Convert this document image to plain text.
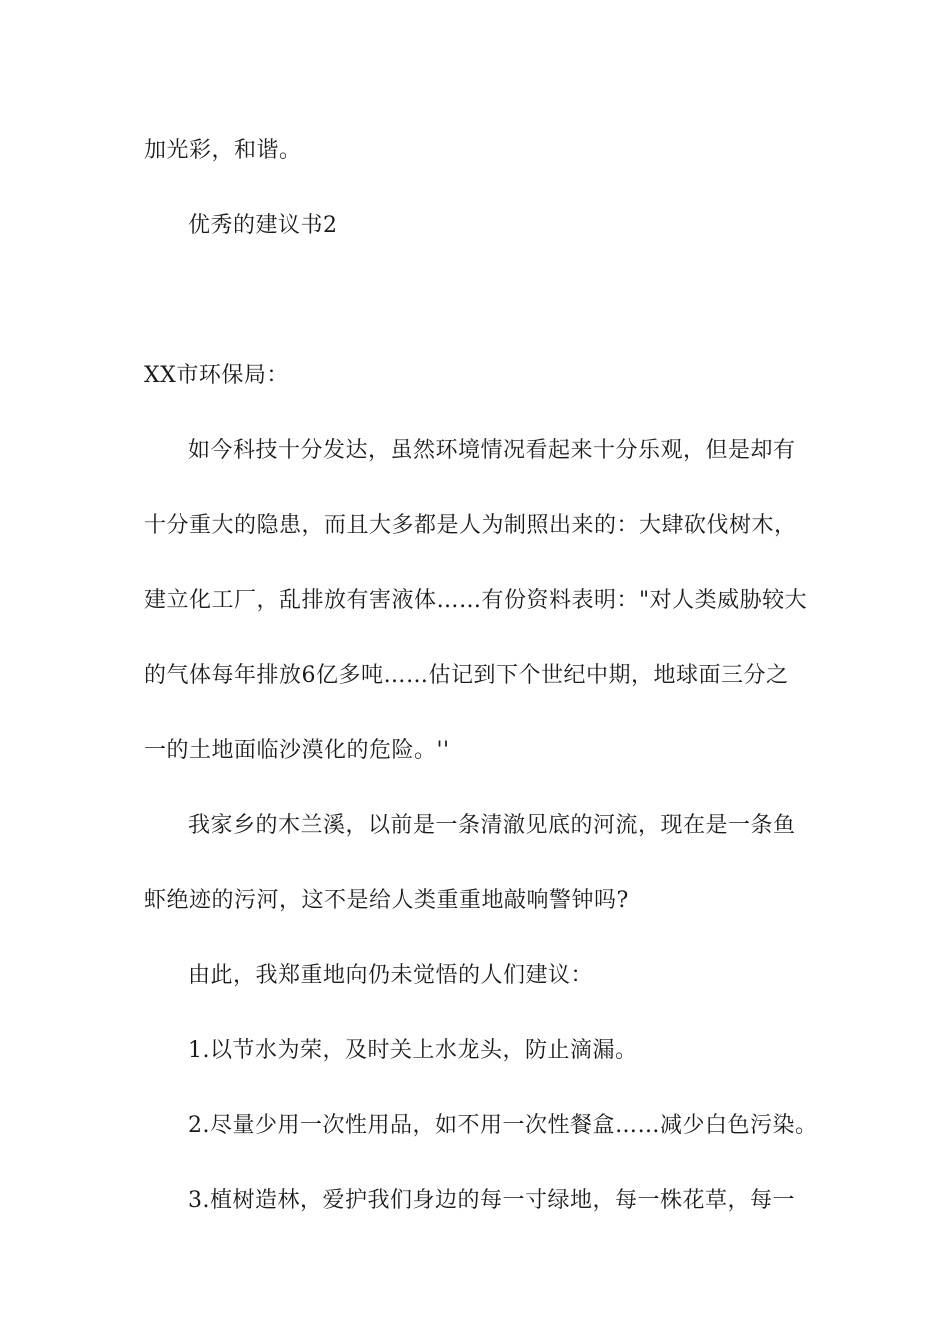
加光彩，和谐。
优秀的建议书2
XX市环保局：
如今科技十分发达，虽然环境情况看起来十分乐观，但是却有
十分重大的隐患，而且大多都是人为制照出来的：大肆砍伐树木，
建立化工厂，乱排放有害液体……有份资料表明："对人类威胁较大
的气体每年排放6亿多吨……估记到下个世纪中期，地球面三分之
一的土地面临沙漠化的危险。''
我家乡的木兰溪，以前是一条清澈见底的河流，现在是一条鱼
虾绝迹的污河，这不是给人类重重地敲响警钟吗?
由此，我郑重地向仍未觉悟的人们建议：
1.以节水为荣，及时关上水龙头，防止滴漏。
2.尽量少用一次性用品，如不用一次性餐盒……减少白色污染。
3.植树造林，爱护我们身边的每一寸绿地，每一株花草，每一
